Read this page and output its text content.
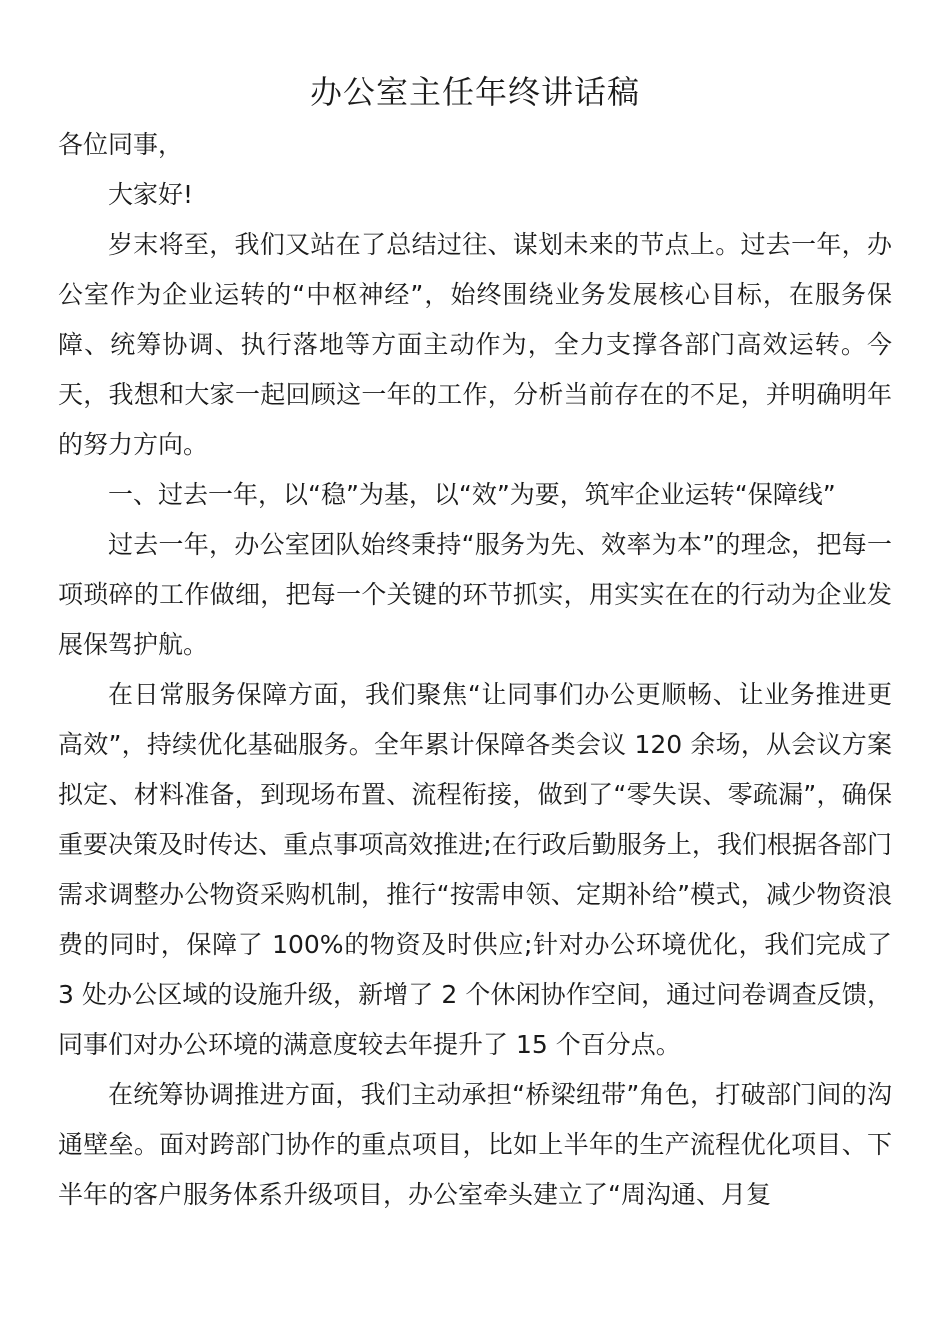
办公室主任年终讲话稿

各位同事，

大家好!

岁末将至，我们又站在了总结过往、谋划未来的节点上。过去一年，办公室作为企业运转的“中枢神经”，始终围绕业务发展核心目标，在服务保障、统筹协调、执行落地等方面主动作为，全力支撑各部门高效运转。今天，我想和大家一起回顾这一年的工作，分析当前存在的不足，并明确明年的努力方向。

一、过去一年，以“稳”为基，以“效”为要，筑牢企业运转“保障线”

过去一年，办公室团队始终秉持“服务为先、效率为本”的理念，把每一项琐碎的工作做细，把每一个关键的环节抓实，用实实在在的行动为企业发展保驾护航。

在日常服务保障方面，我们聚焦“让同事们办公更顺畅、让业务推进更高效”，持续优化基础服务。全年累计保障各类会议 120 余场，从会议方案拟定、材料准备，到现场布置、流程衔接，做到了“零失误、零疏漏”，确保重要决策及时传达、重点事项高效推进;在行政后勤服务上，我们根据各部门需求调整办公物资采购机制，推行“按需申领、定期补给”模式，减少物资浪费的同时，保障了 100%的物资及时供应;针对办公环境优化，我们完成了 3 处办公区域的设施升级，新增了 2 个休闲协作空间，通过问卷调查反馈，同事们对办公环境的满意度较去年提升了 15 个百分点。

在统筹协调推进方面，我们主动承担“桥梁纽带”角色，打破部门间的沟通壁垒。面对跨部门协作的重点项目，比如上半年的生产流程优化项目、下半年的客户服务体系升级项目，办公室牵头建立了“周沟通、月复
